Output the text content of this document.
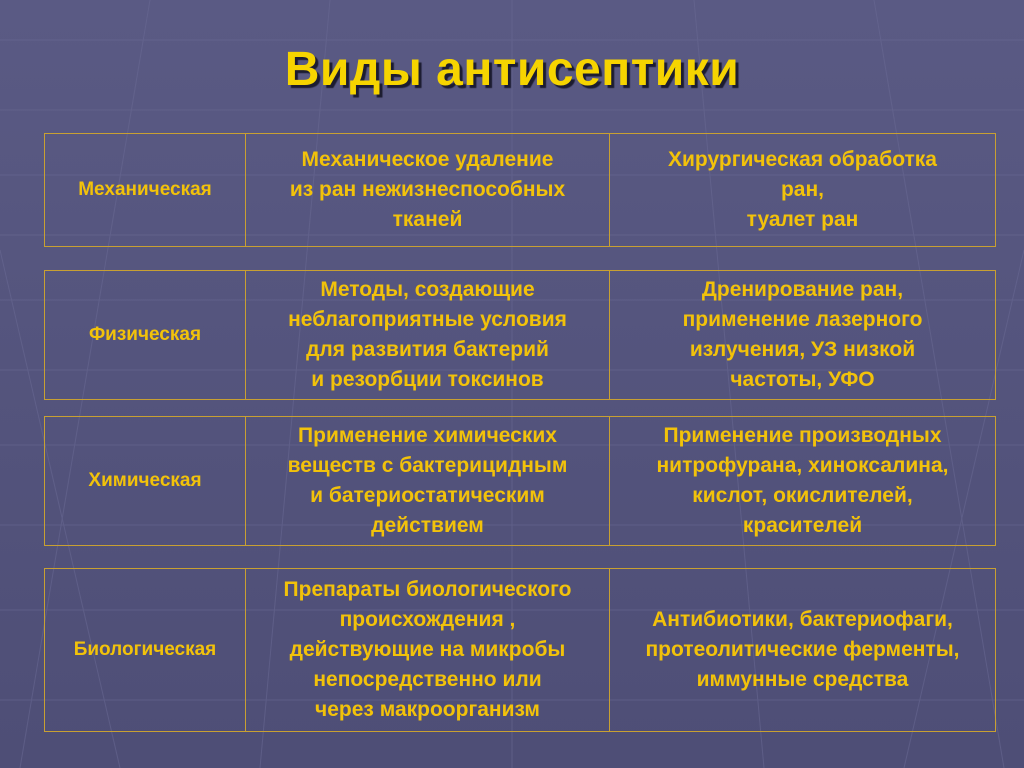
Виды антисептики
Механическая
Механическое удаление
из ран нежизнеспособных
тканей
Хирургическая обработка
ран,
туалет ран
Физическая
Методы, создающие
неблагоприятные условия
для развития бактерий
и резорбции токсинов
Дренирование ран,
применение лазерного
излучения, УЗ низкой
частоты, УФО
Химическая
Применение химических
веществ с бактерицидным
и батериостатическим
действием
Применение производных
нитрофурана, хиноксалина,
кислот, окислителей,
красителей
Биологическая
Препараты биологического
происхождения ,
действующие на микробы
непосредственно или
через макроорганизм
Антибиотики, бактериофаги,
протеолитические ферменты,
иммунные средства
